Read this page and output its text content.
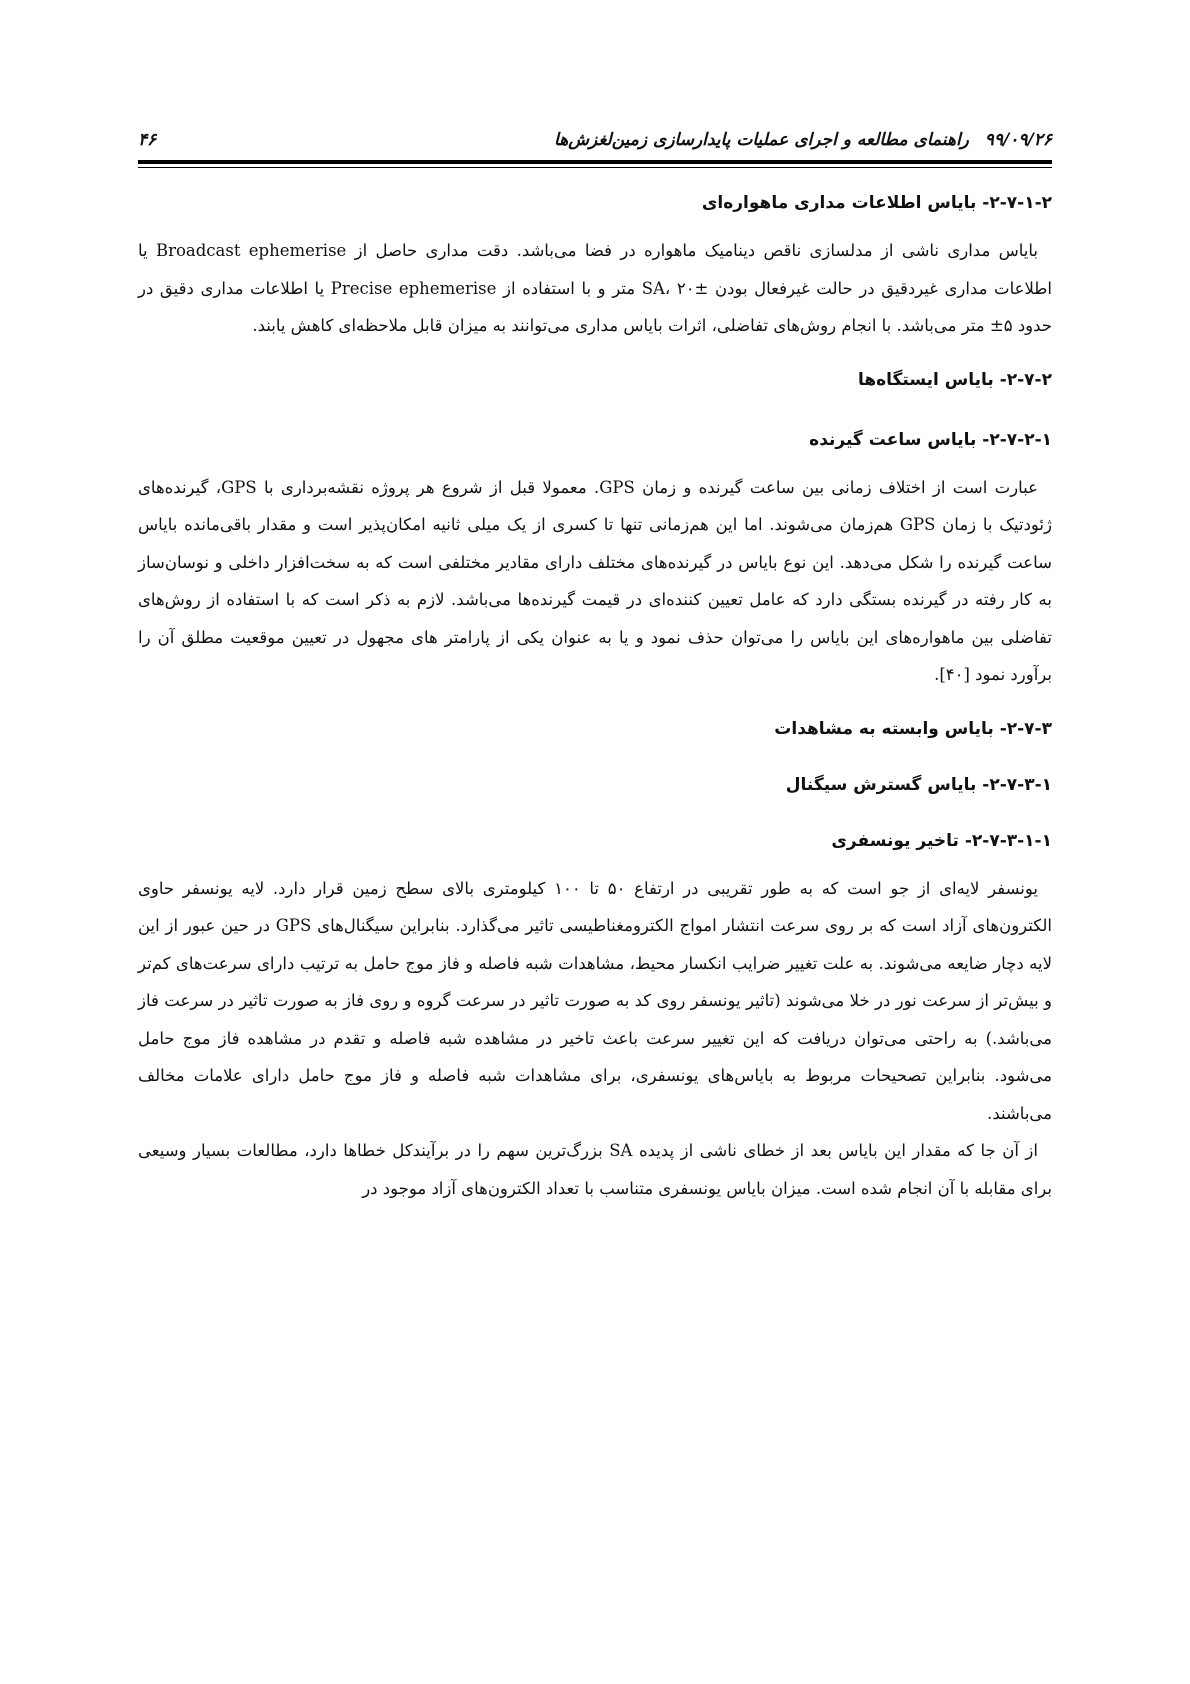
۹۹/۰۹/۲۶ راهنمای مطالعه و اجرای عملیات پایدارسازی زمین‌لغزش‌ها
۴۶
۲-۷-۱-۲- بایاس اطلاعات مداری ماهواره‌ای

بایاس مداری ناشی از مدلسازی ناقص دینامیک ماهواره در فضا می‌باشد. دقت مداری حاصل از Broadcast ephemerise یا اطلاعات مداری غیردقیق در حالت غیرفعال بودن SA، ۲۰± متر و با استفاده از Precise ephemerise یا اطلاعات مداری دقیق در حدود ۵± متر می‌باشد. با انجام روش‌های تفاضلی، اثرات بایاس مداری می‌توانند به میزان قابل ملاحظه‌ای کاهش یابند.

۲-۷-۲- بایاس ایستگاه‌ها
۲-۷-۲-۱- بایاس ساعت گیرنده

عبارت است از اختلاف زمانی بین ساعت گیرنده و زمان GPS. معمولا قبل از شروع هر پروژه نقشه‌برداری با GPS، گیرنده‌های ژئودتیک با زمان GPS هم‌زمان می‌شوند. اما این هم‌زمانی تنها تا کسری از یک میلی ثانیه امکان‌پذیر است و مقدار باقی‌مانده بایاس ساعت گیرنده را شکل می‌دهد. این نوع بایاس در گیرنده‌های مختلف دارای مقادیر مختلفی است که به سخت‌افزار داخلی و نوسان‌ساز به کار رفته در گیرنده بستگی دارد که عامل تعیین کننده‌ای در قیمت گیرنده‌ها می‌باشد. لازم به ذکر است که با استفاده از روش‌های تفاضلی بین ماهواره‌های این بایاس را می‌توان حذف نمود و یا به عنوان یکی از پارامتر های مجهول در تعیین موقعیت مطلق آن را برآورد نمود [۴۰].

۲-۷-۳- بایاس وابسته به مشاهدات
۲-۷-۳-۱- بایاس گسترش سیگنال
۲-۷-۳-۱-۱- تاخیر یونسفری

یونسفر لایه‌ای از جو است که به طور تقریبی در ارتفاع ۵۰ تا ۱۰۰ کیلومتری بالای سطح زمین قرار دارد. لایه یونسفر حاوی الکترون‌های آزاد است که بر روی سرعت انتشار امواج الکترومغناطیسی تاثیر می‌گذارد. بنابراین سیگنال‌های GPS در حین عبور از این لایه دچار ضایعه می‌شوند. به علت تغییر ضرایب انکسار محیط، مشاهدات شبه فاصله و فاز موج حامل به ترتیب دارای سرعت‌های کم‌تر و بیش‌تر از سرعت نور در خلا می‌شوند (تاثیر یونسفر روی کد به صورت تاثیر در سرعت گروه و روی فاز به صورت تاثیر در سرعت فاز می‌باشد.) به راحتی می‌توان دریافت که این تغییر سرعت باعث تاخیر در مشاهده شبه فاصله و تقدم در مشاهده فاز موج حامل می‌شود. بنابراین تصحیحات مربوط به بایاس‌های یونسفری، برای مشاهدات شبه فاصله و فاز موج حامل دارای علامات مخالف می‌باشند.

از آن جا که مقدار این بایاس بعد از خطای ناشی از پدیده SA بزرگ‌ترین سهم را در برآیندکل خطاها دارد، مطالعات بسیار وسیعی برای مقابله با آن انجام شده است. میزان بایاس یونسفری متناسب با تعداد الکترون‌های آزاد موجود در
